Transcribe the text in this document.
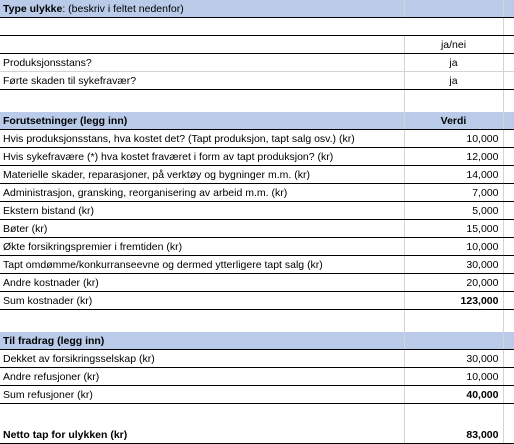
Type ulykke: (beskriv i feltet nedenfor)		

	ja/nei	
Produksjonsstans?	ja	
Førte skaden til sykefravær?	ja	

Forutsetninger (legg inn)	Verdi	
Hvis produksjonsstans, hva kostet det? (Tapt produksjon, tapt salg osv.) (kr)	10,000	
Hvis sykefravære (*) hva kostet fraværet i form av tapt produksjon? (kr)	12,000	
Materielle skader, reparasjoner, på verktøy og bygninger m.m. (kr)	14,000	
Administrasjon, gransking, reorganisering av arbeid m.m. (kr)	7,000	
Ekstern bistand (kr)	5,000	
Bøter (kr)	15,000	
Økte forsikringspremier i fremtiden (kr)	10,000	
Tapt omdømme/konkurranseevne og dermed ytterligere tapt salg (kr)	30,000	
Andre kostnader (kr)	20,000	
Sum kostnader (kr)	123,000	

Til fradrag (legg inn)		
Dekket av forsikringsselskap (kr)	30,000	
Andre refusjoner (kr)	10,000	
Sum refusjoner (kr)	40,000	

Netto tap for ulykken (kr)	83,000	
